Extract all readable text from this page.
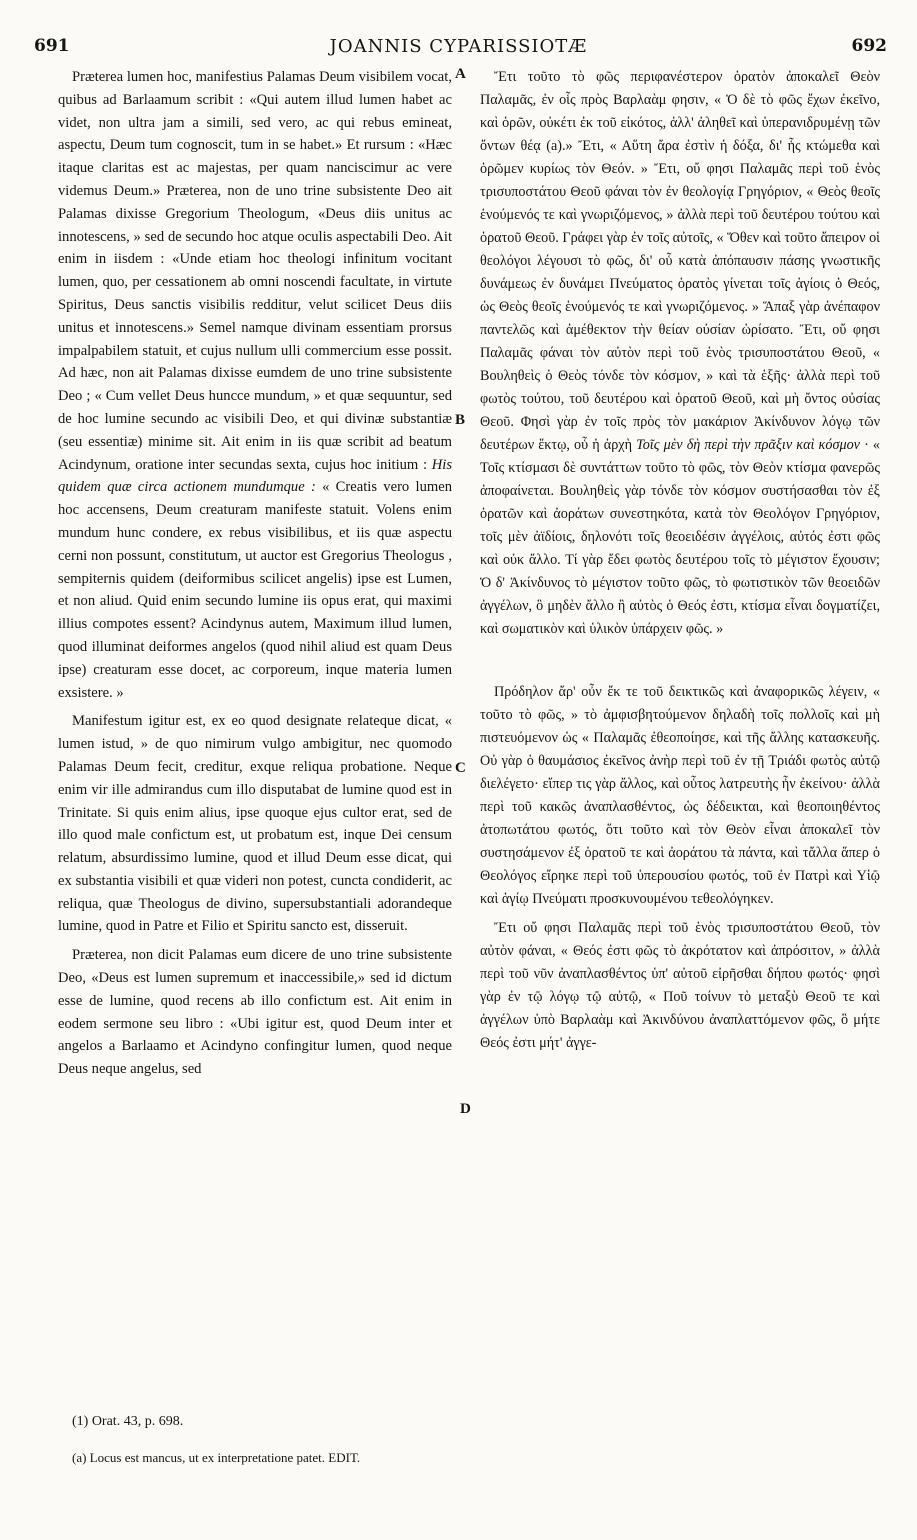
691	JOANNIS CYPARISSIOTÆ	692
A
B
C
D

Præterea lumen hoc, manifestius Palamas Deum visibilem vocat, quibus ad Barlaamum scribit : «Qui autem illud lumen habet ac videt, non ultra jam a simili, sed vero, ac qui rebus emineat, aspectu, Deum tum cognoscit, tum in se habet.» Et rursum : «Hæc itaque claritas est ac majestas, per quam nanciscimur ac vere videmus Deum.» Præterea, non de uno trine subsistente Deo ait Palamas dixisse Gregorium Theologum, «Deus diis unitus ac innotescens, » sed de secundo hoc atque oculis aspectabili Deo. Ait enim in iisdem : «Unde etiam hoc theologi infinitum vocitant lumen, quo, per cessationem ab omni noscendi facultate, in virtute Spiritus, Deus sanctis visibilis redditur, velut scilicet Deus diis unitus et innotescens.» Semel namque divinam essentiam prorsus impalpabilem statuit, et cujus nullum ulli commercium esse possit. Ad hæc, non ait Palamas dixisse eumdem de uno trine subsistente Deo ; « Cum vellet Deus huncce mundum, » et quæ sequuntur, sed de hoc lumine secundo ac visibili Deo, et qui divinæ substantiæ (seu essentiæ) minime sit. Ait enim in iis quæ scribit ad beatum Acindynum, oratione inter secundas sexta, cujus hoc initium : His quidem quæ circa actionem mundumque : « Creatis vero lumen hoc accensens, Deum creaturam manifeste statuit. Volens enim mundum hunc condere, ex rebus visibilibus, et iis quæ aspectu cerni non possunt, constitutum, ut auctor est Gregorius Theologus , sempiternis quidem (deiformibus scilicet angelis) ipse est Lumen, et non aliud. Quid enim secundo lumine iis opus erat, qui maximi illius compotes essent? Acindynus autem, Maximum illud lumen, quod illuminat deiformes angelos (quod nihil aliud est quam Deus ipse) creaturam esse docet, ac corporeum, inque materia lumen exsistere. »

Manifestum igitur est, ex eo quod designate relateque dicat, « lumen istud, » de quo nimirum vulgo ambigitur, nec quomodo Palamas Deum fecit, creditur, exque reliqua probatione. Neque enim vir ille admirandus cum illo disputabat de lumine quod est in Trinitate. Si quis enim alius, ipse quoque ejus cultor erat, sed de illo quod male confictum est, ut probatum est, inque Dei censum relatum, absurdissimo lumine, quod et illud Deum esse dicat, qui ex substantia visibili et quæ videri non potest, cuncta condiderit, ac reliqua, quæ Theologus de divino, supersubstantiali adorandeque lumine, quod in Patre et Filio et Spiritu sancto est, disseruit.

Præterea, non dicit Palamas eum dicere de uno trine subsistente Deo, «Deus est lumen supremum et inaccessibile,» sed id dictum esse de lumine, quod recens ab illo confictum est. Ait enim in eodem sermone seu libro : «Ubi igitur est, quod Deum inter et angelos a Barlaamo et Acindyno confingitur lumen, quod neque Deus neque angelus, sed

Ἔτι τοῦτο τὸ φῶς περιφανέστερον ὁρατὸν ἀποκαλεῖ Θεὸν Παλαμᾶς, ἐν οἷς πρὸς Βαρλαὰμ φησιν, « Ὁ δὲ τὸ φῶς ἔχων ἐκεῖνο, καὶ ὁρῶν, οὐκέτι ἐκ τοῦ εἰκότος, ἀλλ' ἀληθεῖ καὶ ὑπερανιδρυμένῃ τῶν ὄντων θέᾳ (a).» Ἔτι, « Αὕτη ἄρα ἐστὶν ἡ δόξα, δι' ἧς κτώμεθα καὶ ὁρῶμεν κυρίως τὸν Θεόν. » Ἔτι, οὔ φησι Παλαμᾶς περὶ τοῦ ἑνὸς τρισυποστάτου Θεοῦ φάναι τὸν ἐν θεολογίᾳ Γρηγόριον, « Θεὸς θεοῖς ἑνούμενός τε καὶ γνωριζόμενος, » ἀλλὰ περὶ τοῦ δευτέρου τούτου καὶ ὁρατοῦ Θεοῦ. Γράφει γὰρ ἐν τοῖς αὐτοῖς, « Ὅθεν καὶ τοῦτο ἄπειρον οἱ θεολόγοι λέγουσι τὸ φῶς, δι' οὗ κατὰ ἀπόπαυσιν πάσης γνωστικῆς δυνάμεως ἐν δυνάμει Πνεύματος ὁρατὸς γίνεται τοῖς ἁγίοις ὁ Θεός, ὡς Θεὸς θεοῖς ἑνούμενός τε καὶ γνωριζόμενος. » Ἅπαξ γὰρ ἀνέπαφον παντελῶς καὶ ἀμέθεκτον τὴν θείαν οὐσίαν ὡρίσατο. Ἔτι, οὔ φησι Παλαμᾶς φάναι τὸν αὐτὸν περὶ τοῦ ἑνὸς τρισυποστάτου Θεοῦ, « Βουληθεὶς ὁ Θεὸς τόνδε τὸν κόσμον, » καὶ τὰ ἑξῆς· ἀλλὰ περὶ τοῦ φωτὸς τούτου, τοῦ δευτέρου καὶ ὁρατοῦ Θεοῦ, καὶ μὴ ὄντος οὐσίας Θεοῦ. Φησὶ γὰρ ἐν τοῖς πρὸς τὸν μακάριον Ἀκίνδυνον λόγῳ τῶν δευτέρων ἕκτῳ, οὗ ἡ ἀρχὴ Τοῖς μὲν δὴ περὶ τὴν πρᾶξιν καὶ κόσμον · « Τοῖς κτίσμασι δὲ συντάττων τοῦτο τὸ φῶς, τὸν Θεὸν κτίσμα φανερῶς ἀποφαίνεται. Βουληθεὶς γὰρ τόνδε τὸν κόσμον συστήσασθαι τὸν ἐξ ὁρατῶν καὶ ἀοράτων συνεστηκότα, κατὰ τὸν Θεολόγον Γρηγόριον, τοῖς μὲν ἀϊδίοις, δηλονότι τοῖς θεοειδέσιν ἀγγέλοις, αὐτός ἐστι φῶς καὶ οὐκ ἄλλο. Τί γὰρ ἔδει φωτὸς δευτέρου τοῖς τὸ μέγιστον ἔχουσιν; Ὁ δ' Ἀκίνδυνος τὸ μέγιστον τοῦτο φῶς, τὸ φωτιστικὸν τῶν θεοειδῶν ἀγγέλων, ὃ μηδὲν ἄλλο ἢ αὐτὸς ὁ Θεός ἐστι, κτίσμα εἶναι δογματίζει, καὶ σωματικὸν καὶ ὑλικὸν ὑπάρχειν φῶς. »

Πρόδηλον ἄρ' οὖν ἔκ τε τοῦ δεικτικῶς καὶ ἀναφορικῶς λέγειν, « τοῦτο τὸ φῶς, » τὸ ἀμφισβητούμενον δηλαδὴ τοῖς πολλοῖς καὶ μὴ πιστευόμενον ὡς « Παλαμᾶς ἐθεοποίησε, καὶ τῆς ἄλλης κατασκευῆς. Οὐ γὰρ ὁ θαυμάσιος ἐκεῖνος ἀνὴρ περὶ τοῦ ἐν τῇ Τριάδι φωτὸς αὐτῷ διελέγετο· εἴπερ τις γὰρ ἄλλος, καὶ οὗτος λατρευτὴς ἦν ἐκείνου· ἀλλὰ περὶ τοῦ κακῶς ἀναπλασθέντος, ὡς δέδεικται, καὶ θεοποιηθέντος ἀτοπωτάτου φωτός, ὅτι τοῦτο καὶ τὸν Θεὸν εἶναι ἀποκαλεῖ τὸν συστησάμενον ἐξ ὁρατοῦ τε καὶ ἀοράτου τὰ πάντα, καὶ τἄλλα ἅπερ ὁ Θεολόγος εἴρηκε περὶ τοῦ ὑπερουσίου φωτός, τοῦ ἐν Πατρὶ καὶ Υἱῷ καὶ ἁγίῳ Πνεύματι προσκυνουμένου τεθεολόγηκεν.

Ἔτι οὔ φησι Παλαμᾶς περὶ τοῦ ἑνὸς τρισυποστάτου Θεοῦ, τὸν αὐτὸν φάναι, « Θεός ἐστι φῶς τὸ ἀκρότατον καὶ ἀπρόσιτον, » ἀλλὰ περὶ τοῦ νῦν ἀναπλασθέντος ὑπ' αὐτοῦ εἰρῆσθαι δήπου φωτός· φησὶ γὰρ ἐν τῷ λόγῳ τῷ αὐτῷ, « Ποῦ τοίνυν τὸ μεταξὺ Θεοῦ τε καὶ ἀγγέλων ὑπὸ Βαρλαὰμ καὶ Ἀκινδύνου ἀναπλαττόμενον φῶς, ὃ μήτε Θεός ἐστι μήτ' ἀγγε-

(1) Orat. 43, p. 698.
(a) Locus est mancus, ut ex interpretatione patet. EDIT.
